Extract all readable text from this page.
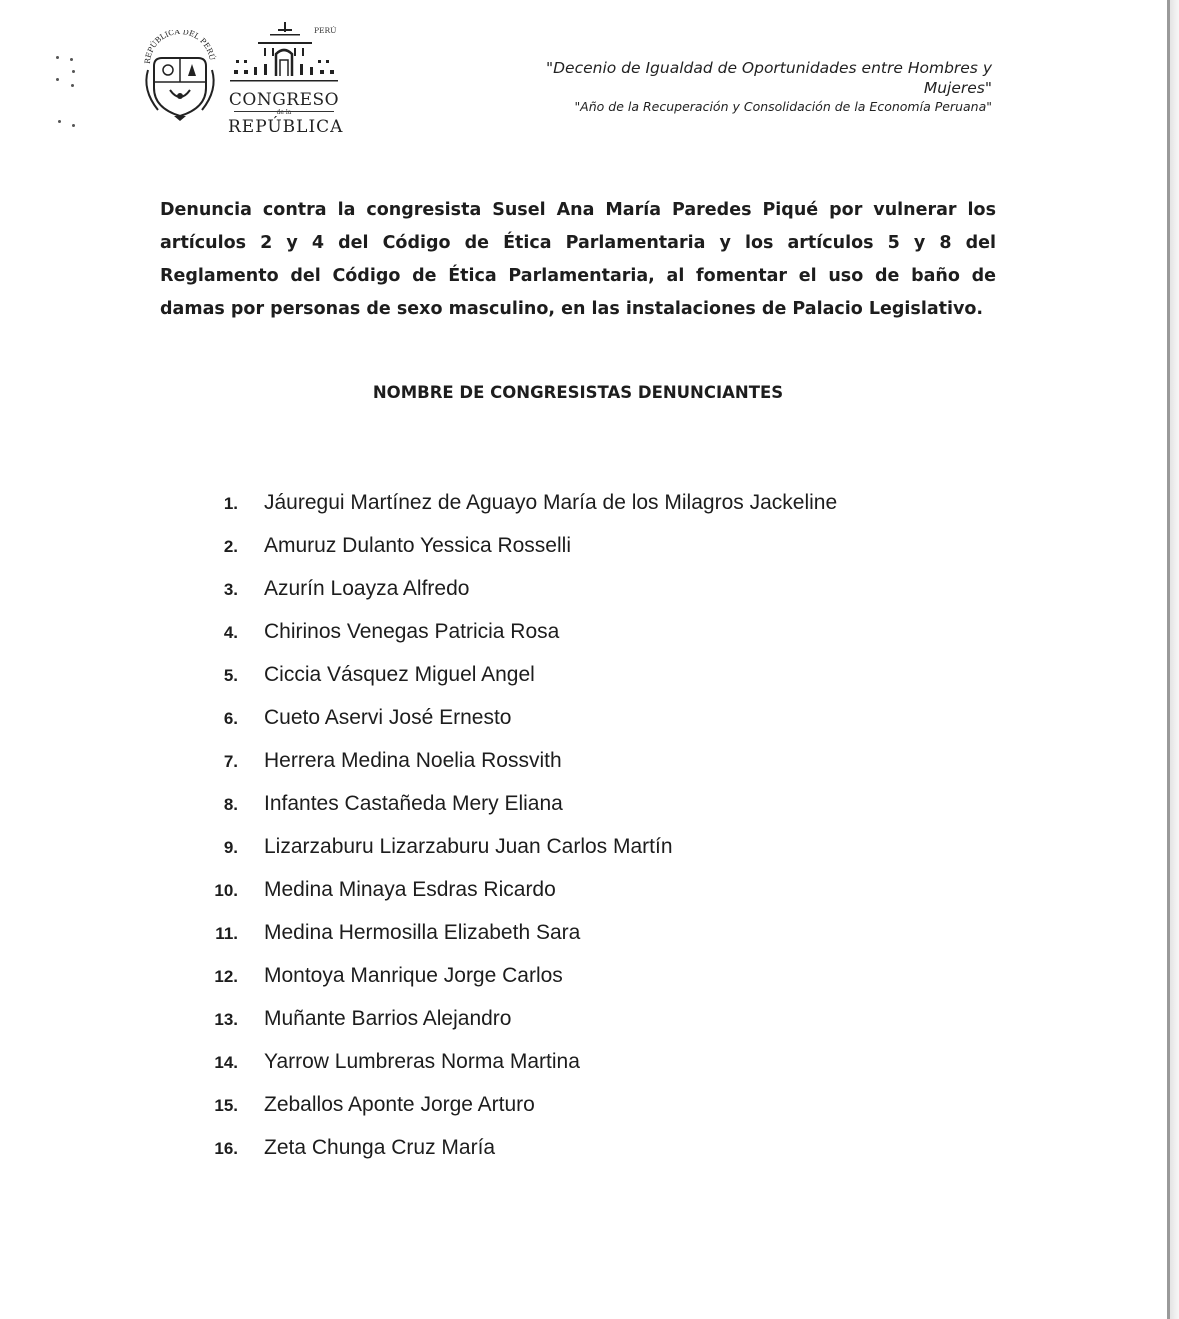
REPÚBLICA DEL PERÚ
PERÚ
CONGRESO
de la
REPÚBLICA
"Decenio de Igualdad de Oportunidades entre Hombres y Mujeres"
"Año de la Recuperación y Consolidación de la Economía Peruana"
Denuncia contra la congresista Susel Ana María Paredes Piqué por vulnerar los artículos 2 y 4 del Código de Ética Parlamentaria y los artículos 5 y 8 del Reglamento del Código de Ética Parlamentaria, al fomentar el uso de baño de damas por personas de sexo masculino, en las instalaciones de Palacio Legislativo.
NOMBRE DE CONGRESISTAS DENUNCIANTES
1. Jáuregui Martínez de Aguayo María de los Milagros Jackeline
2. Amuruz Dulanto Yessica Rosselli
3. Azurín Loayza Alfredo
4. Chirinos Venegas Patricia Rosa
5. Ciccia Vásquez Miguel Angel
6. Cueto Aservi José Ernesto
7. Herrera Medina Noelia Rossvith
8. Infantes Castañeda Mery Eliana
9. Lizarzaburu Lizarzaburu Juan Carlos Martín
10. Medina Minaya Esdras Ricardo
11. Medina Hermosilla Elizabeth Sara
12. Montoya Manrique Jorge Carlos
13. Muñante Barrios Alejandro
14. Yarrow Lumbreras Norma Martina
15. Zeballos Aponte Jorge Arturo
16. Zeta Chunga Cruz María
